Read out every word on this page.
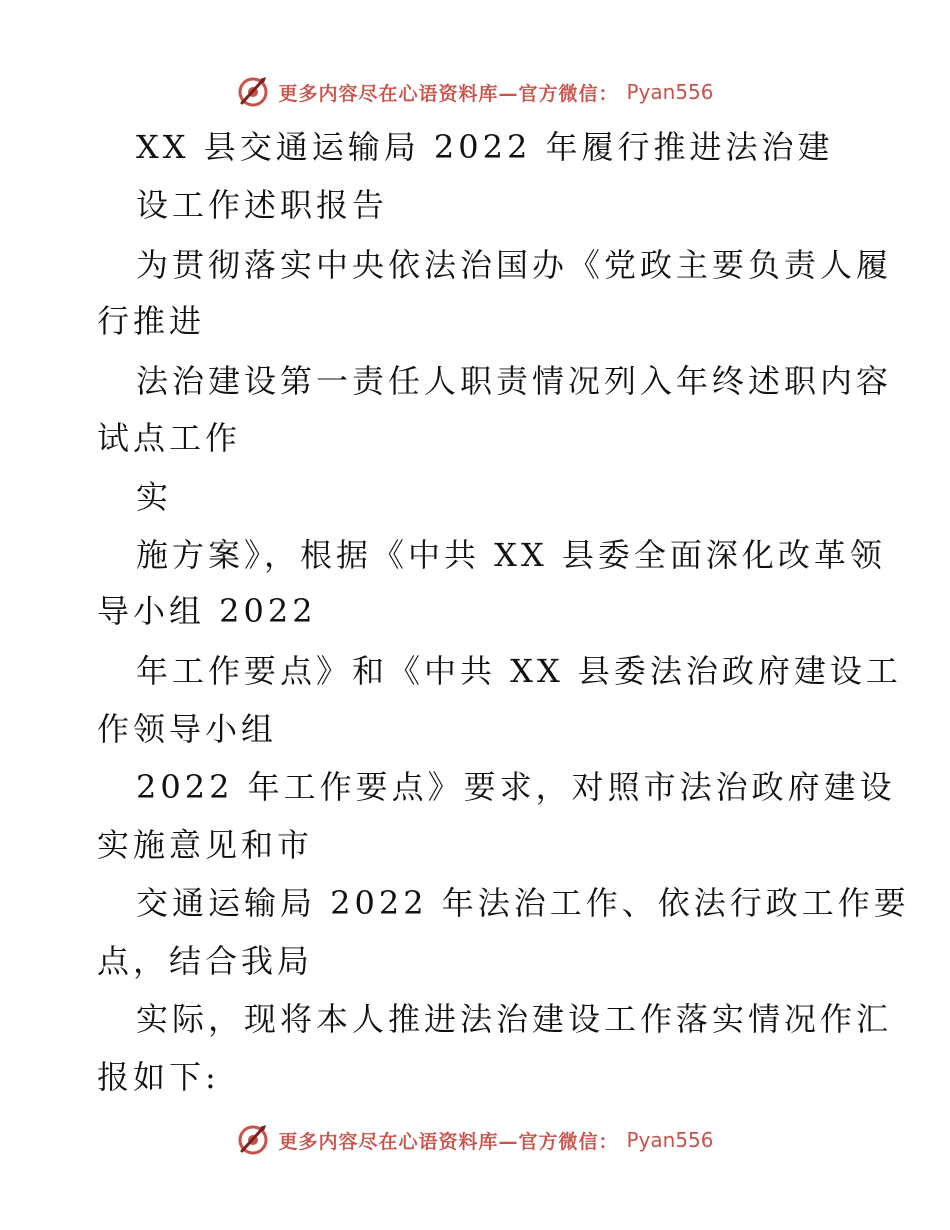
更多内容尽在心语资料库—官方微信： Pyan556
XX 县交通运输局 2022 年履行推进法治建
设工作述职报告
为贯彻落实中央依法治国办《党政主要负责人履
行推进
法治建设第一责任人职责情况列入年终述职内容
试点工作
实
施方案》，根据《中共 XX 县委全面深化改革领
导小组 2022
年工作要点》和《中共 XX 县委法治政府建设工
作领导小组
2022 年工作要点》要求，对照市法治政府建设
实施意见和市
交通运输局 2022 年法治工作、依法行政工作要
点，结合我局
实际，现将本人推进法治建设工作落实情况作汇
报如下:
更多内容尽在心语资料库—官方微信： Pyan556
